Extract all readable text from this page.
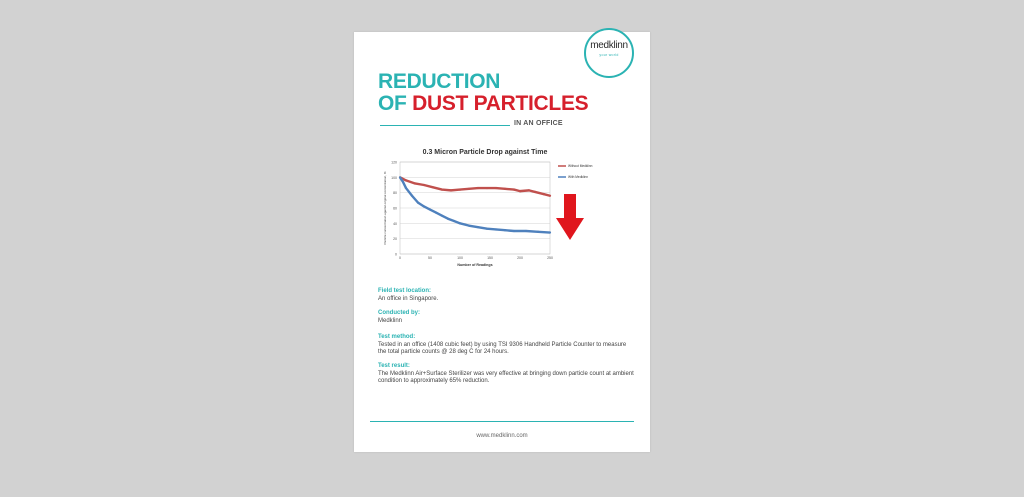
medklinn
your world
REDUCTION
OF DUST PARTICLES
IN AN OFFICE
0.3 Micron Particle Drop against Time
0
20
40
60
80
100
120
0	50	100	150	200	250
Number of Readings
Particle concentration against original concentration, %
Without Medklinn
With Medklinn
Field test location:
An office in Singapore.
Conducted by:
Medklinn
Test method:
Tested in an office (1408 cubic feet) by using TSI 9306 Handheld Particle Counter to measure the total particle counts @ 28 deg C for 24 hours.
Test result:
The Medklinn Air+Surface Sterilizer was very effective at bringing down particle count at ambient condition to approximately 65% reduction.
www.medklinn.com
